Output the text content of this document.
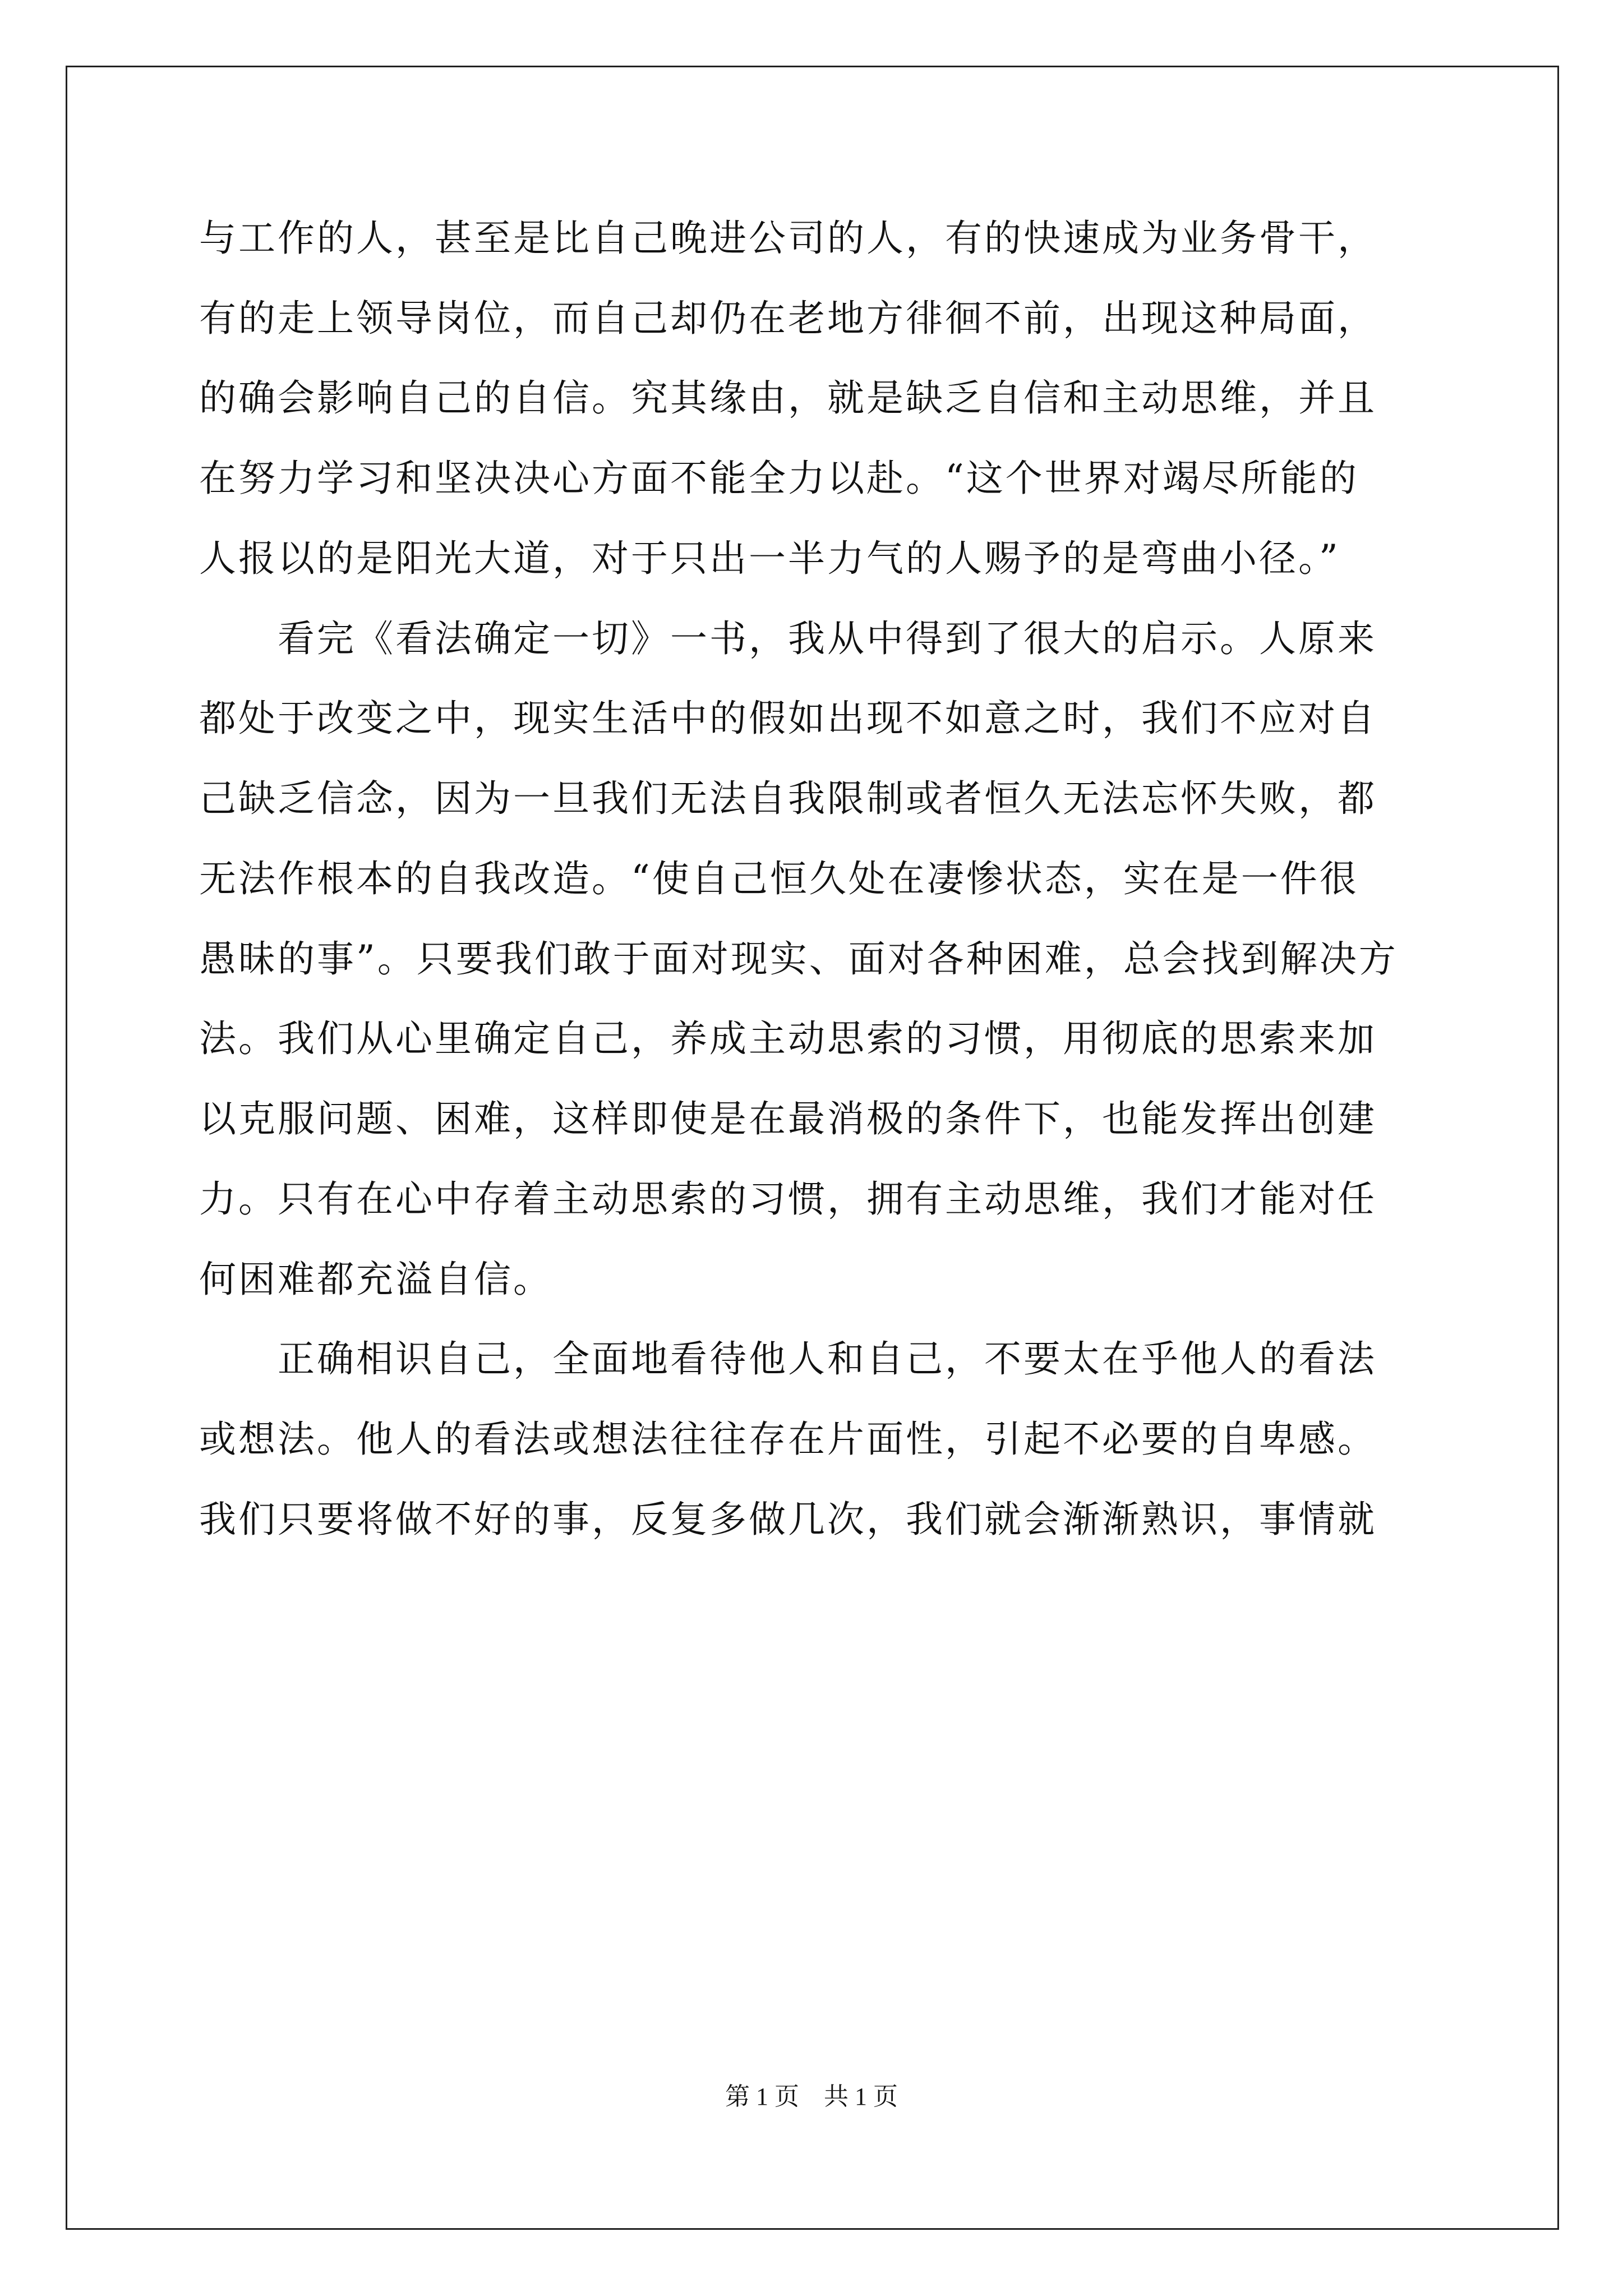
与工作的人，甚至是比自己晚进公司的人，有的快速成为业务骨干，
有的走上领导岗位，而自己却仍在老地方徘徊不前，出现这种局面，
的确会影响自己的自信。究其缘由，就是缺乏自信和主动思维，并且
在努力学习和坚决决心方面不能全力以赴。“这个世界对竭尽所能的
人报以的是阳光大道，对于只出一半力气的人赐予的是弯曲小径。”
看完《看法确定一切》一书，我从中得到了很大的启示。人原来
都处于改变之中，现实生活中的假如出现不如意之时，我们不应对自
己缺乏信念，因为一旦我们无法自我限制或者恒久无法忘怀失败，都
无法作根本的自我改造。“使自己恒久处在凄惨状态，实在是一件很
愚昧的事”。只要我们敢于面对现实、面对各种困难，总会找到解决方
法。我们从心里确定自己，养成主动思索的习惯，用彻底的思索来加
以克服问题、困难，这样即使是在最消极的条件下，也能发挥出创建
力。只有在心中存着主动思索的习惯，拥有主动思维，我们才能对任
何困难都充溢自信。
正确相识自己，全面地看待他人和自己，不要太在乎他人的看法
或想法。他人的看法或想法往往存在片面性，引起不必要的自卑感。
我们只要将做不好的事，反复多做几次，我们就会渐渐熟识，事情就
第 1 页    共 1 页
